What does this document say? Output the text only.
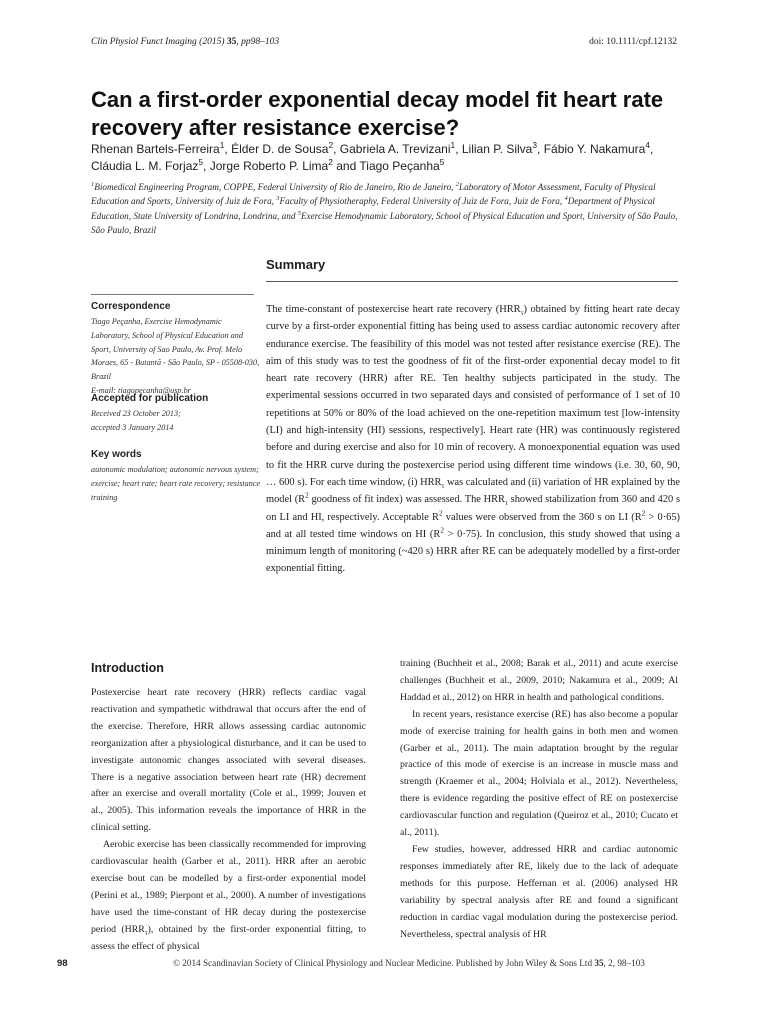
Clin Physiol Funct Imaging (2015) 35, pp98–103	doi: 10.1111/cpf.12132
Can a first-order exponential decay model fit heart rate recovery after resistance exercise?
Rhenan Bartels-Ferreira$^1$, Élder D. de Sousa$^2$, Gabriela A. Trevizani$^1$, Lilian P. Silva$^3$, Fábio Y. Nakamura$^4$,
Cláudia L. M. Forjaz$^5$, Jorge Roberto P. Lima$^2$ and Tiago Peçanha$^5$
$^1$Biomedical Engineering Program, COPPE, Federal University of Rio de Janeiro, Rio de Janeiro, $^2$Laboratory of Motor Assessment, Faculty of Physical Education and Sports, University of Juiz de Fora, $^3$Faculty of Physiotheraphy, Federal University of Juiz de Fora, Juiz de Fora, $^4$Department of Physical Education, State University of Londrina, Londrina, and $^5$Exercise Hemodynamic Laboratory, School of Physical Education and Sport, University of São Paulo, São Paulo, Brazil
Summary
Correspondence
Tiago Peçanha, Exercise Hemodynamic Laboratory, School of Physical Education and Sport, University of Sao Paulo, Av. Prof. Melo Moraes, 65 - Butantã - São Paulo, SP - 05508-030, Brazil
E-mail: tiagopecanha@usp.br
Accepted for publication
Received 23 October 2013;
accepted 3 January 2014
Key words
autonomic modulation; autonomic nervous system; exercise; heart rate; heart rate recovery; resistance training
The time-constant of postexercise heart rate recovery $(HRR_\tau)$ obtained by fitting heart rate decay curve by a first-order exponential fitting has being used to assess cardiac autonomic recovery after endurance exercise. The feasibility of this model was not tested after resistance exercise (RE). The aim of this study was to test the goodness of fit of the first-order exponential decay model to fit heart rate recovery (HRR) after RE. Ten healthy subjects participated in the study. The experimental sessions occurred in two separated days and consisted of performance of 1 set of 10 repetitions at 50% or 80% of the load achieved on the one-repetition maximum test [low-intensity (LI) and high-intensity (HI) sessions, respectively]. Heart rate (HR) was continuously registered before and during exercise and also for 10 min of recovery. A monoexponential equation was used to fit the HRR curve during the postexercise period using different time windows (i.e. 30, 60, 90, … 600 s). For each time window, (i) $HRR_\tau$ was calculated and (ii) variation of HR explained by the model ($R^2$ goodness of fit index) was assessed. The $HRR_\tau$ showed stabilization from 360 and 420 s on LI and HI, respectively. Acceptable $R^2$ values were observed from the 360 s on LI $(R^2 > 0\cdot 65)$ and at all tested time windows on HI $(R^2 > 0\cdot 75)$. In conclusion, this study showed that using a minimum length of monitoring (~420 s) HRR after RE can be adequately modelled by a first-order exponential fitting.
Introduction

Postexercise heart rate recovery (HRR) reflects cardiac vagal reactivation and sympathetic withdrawal that occurs after the end of the exercise. Therefore, HRR allows assessing cardiac autonomic reorganization after a physiological disturbance, and it can be used to investigate autonomic changes associated with several diseases. There is a negative association between heart rate (HR) decrement after an exercise and overall mortality (Cole et al., 1999; Jouven et al., 2005). This information reveals the importance of HRR in the clinical setting.

Aerobic exercise has been classically recommended for improving cardiovascular health (Garber et al., 2011). HRR after an aerobic exercise bout can be modelled by a first-order exponential model (Perini et al., 1989; Pierpont et al., 2000). A number of investigations have used the time-constant of HR decay during the postexercise period $(HRR_\tau)$, obtained by the first-order exponential fitting, to assess the effect of physical

training (Buchheit et al., 2008; Barak et al., 2011) and acute exercise challenges (Buchheit et al., 2009, 2010; Nakamura et al., 2009; Al Haddad et al., 2012) on HRR in health and pathological conditions.

In recent years, resistance exercise (RE) has also become a popular mode of exercise training for health gains in both men and women (Garber et al., 2011). The main adaptation brought by the regular practice of this mode of exercise is an increase in muscle mass and strength (Kraemer et al., 2004; Holviala et al., 2012). Nevertheless, there is evidence regarding the positive effect of RE on postexercise cardiovascular function and regulation (Queiroz et al., 2010; Cucato et al., 2011).

Few studies, however, addressed HRR and cardiac autonomic responses immediately after RE, likely due to the lack of adequate methods for this purpose. Heffernan et al. (2006) analysed HR variability by spectral analysis after RE and found a significant reduction in cardiac vagal modulation during the postexercise period. Nevertheless, spectral analysis of HR

98	© 2014 Scandinavian Society of Clinical Physiology and Nuclear Medicine. Published by John Wiley & Sons Ltd 35, 2, 98–103
